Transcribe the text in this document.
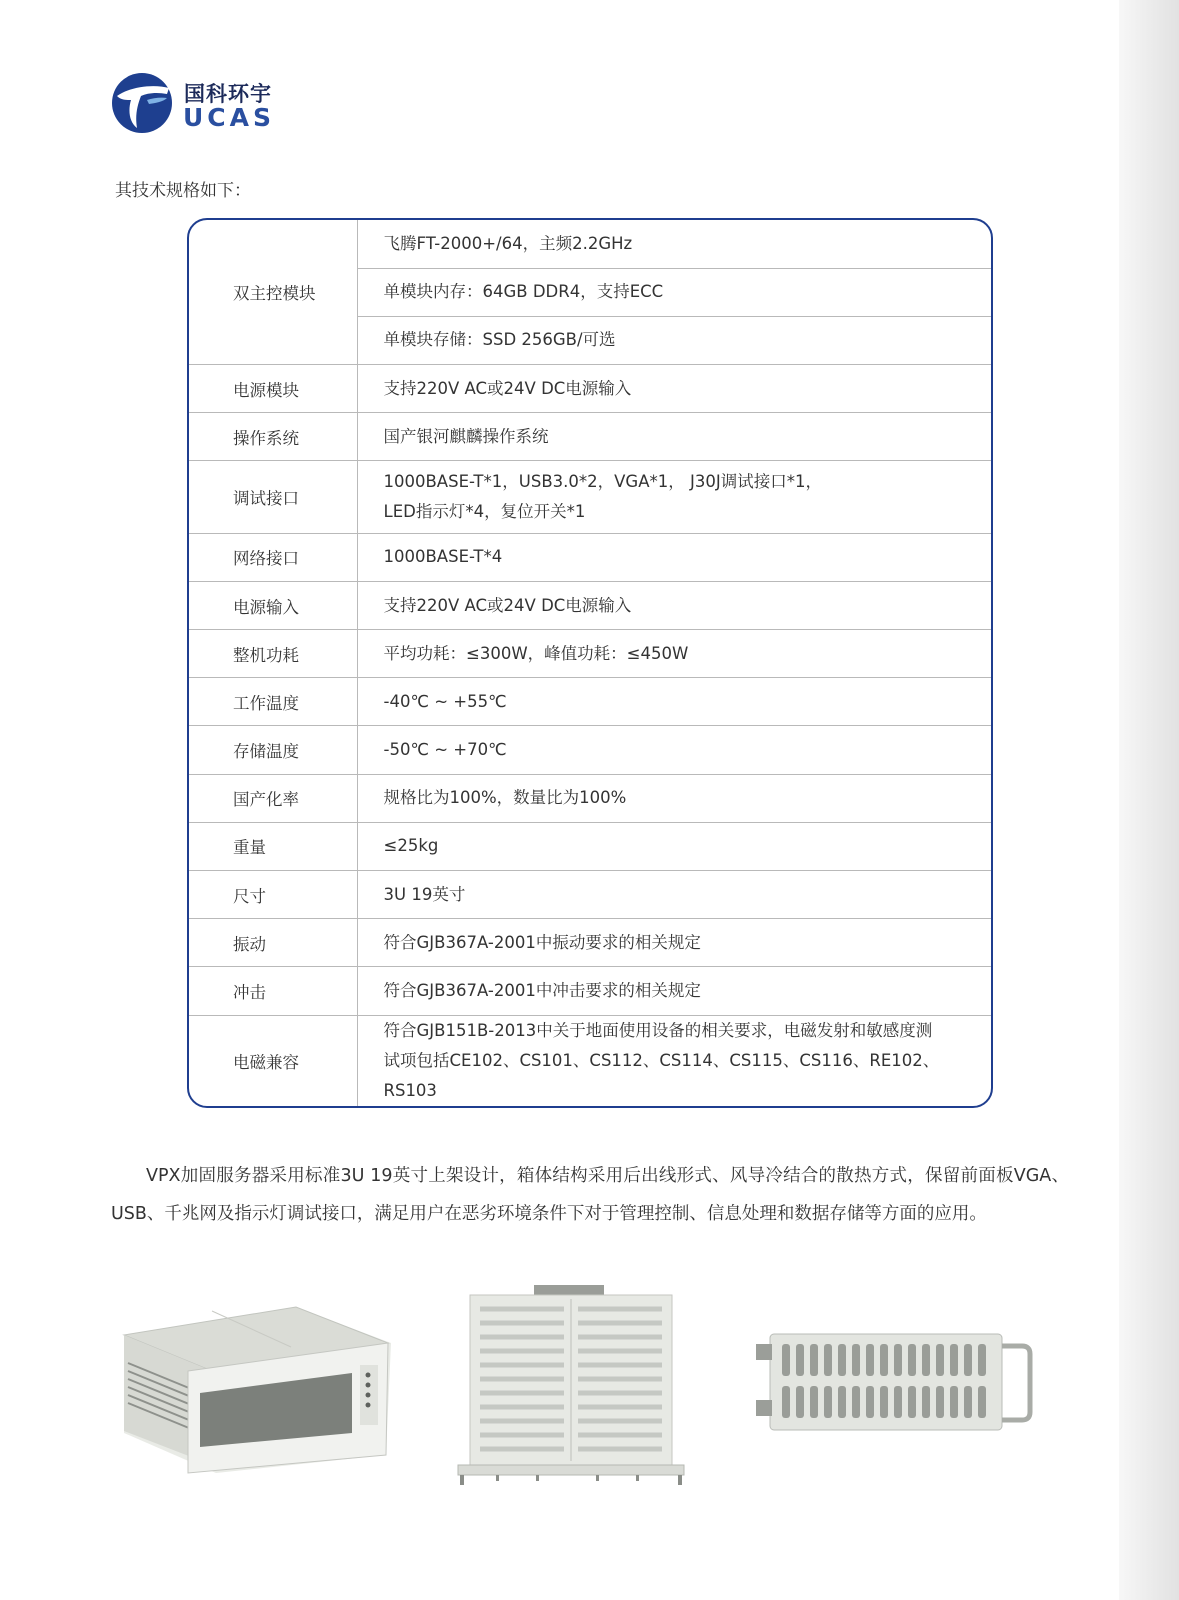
国科环宇
UCAS
其技术规格如下：
双主控模块	飞腾FT-2000+/64，主频2.2GHz
	单模块内存：64GB DDR4，支持ECC
	单模块存储：SSD 256GB/可选
电源模块	支持220V AC或24V DC电源输入
操作系统	国产银河麒麟操作系统
调试接口	1000BASE-T*1，USB3.0*2，VGA*1， J30J调试接口*1，
LED指示灯*4，复位开关*1

网络接口	1000BASE-T*4
电源输入	支持220V AC或24V DC电源输入
整机功耗	平均功耗：≤300W，峰值功耗：≤450W
工作温度	-40℃ ~ +55℃
存储温度	-50℃ ~ +70℃
国产化率	规格比为100%，数量比为100%
重量	≤25kg
尺寸	3U 19英寸
振动	符合GJB367A-2001中振动要求的相关规定
冲击	符合GJB367A-2001中冲击要求的相关规定
电磁兼容	符合GJB151B-2013中关于地面使用设备的相关要求，电磁发射和敏感度测
试项包括CE102、CS101、CS112、CS114、CS115、CS116、RE102、RS103
VPX加固服务器采用标准3U 19英寸上架设计，箱体结构采用后出线形式、风导冷结合的散热方式，保留前面板VGA、USB、千兆网及指示灯调试接口，满足用户在恶劣环境条件下对于管理控制、信息处理和数据存储等方面的应用。
